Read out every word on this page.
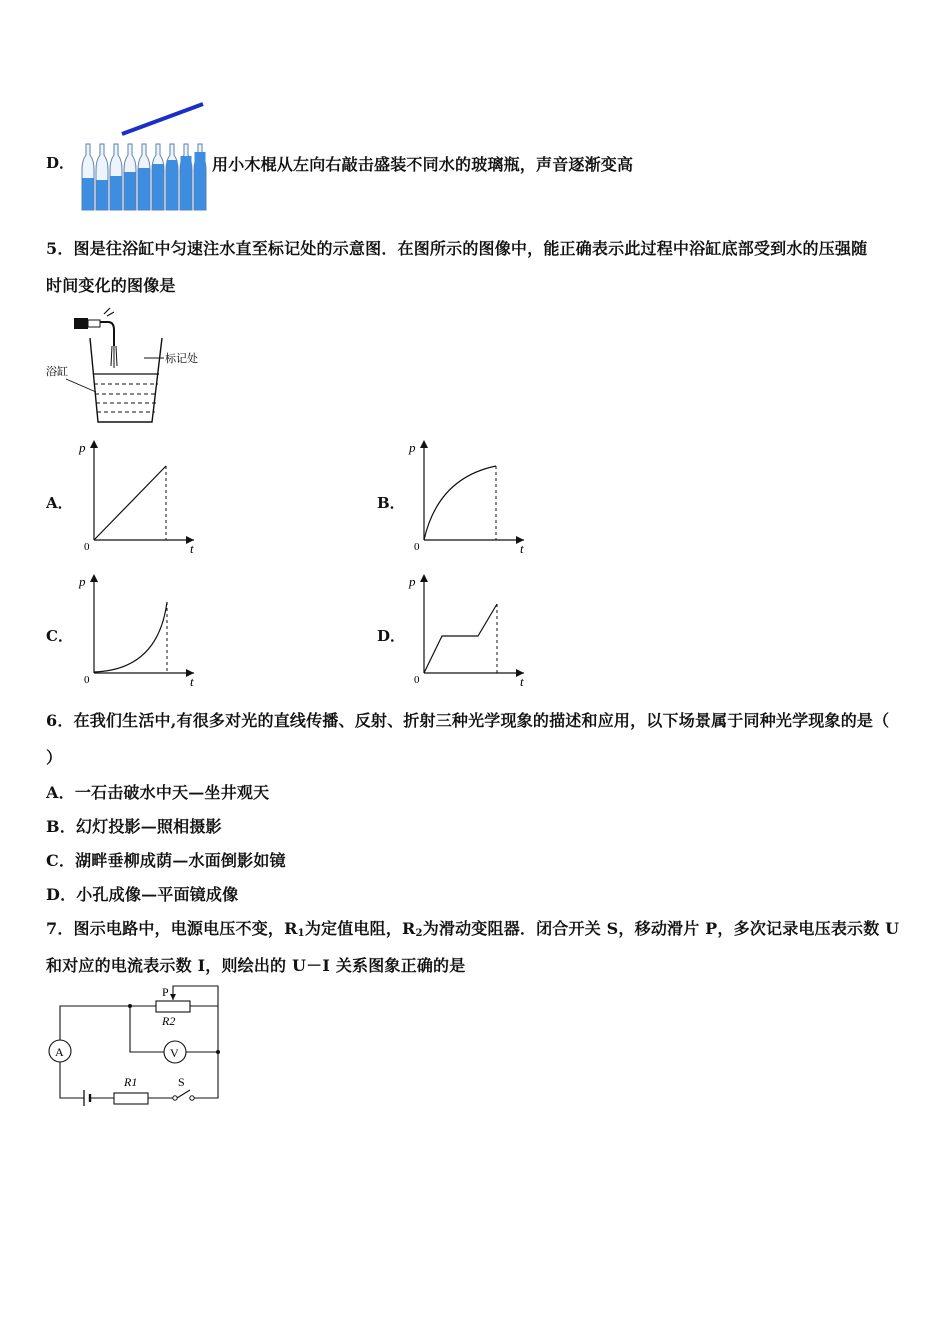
D．	用小木棍从左向右敲击盛装不同水的玻璃瓶，声音逐渐变高
5．图是往浴缸中匀速注水直至标记处的示意图．在图所示的图像中，能正确表示此过程中浴缸底部受到水的压强随
时间变化的图像是
标记处
浴缸
A．
p
t
0
B．
p
t
0
C．
p
t
0
D．
p
t
0
6．在我们生活中,有很多对光的直线传播、反射、折射三种光学现象的描述和应用，以下场景属于同种光学现象的是（
）
A．一石击破水中天—坐井观天
B．幻灯投影—照相摄影
C．湖畔垂柳成荫—水面倒影如镜
D．小孔成像—平面镜成像
7．图示电路中，电源电压不变，$R_1$为定值电阻，$R_2$为滑动变阻器．闭合开关 S，移动滑片 P，多次记录电压表示数 U
和对应的电流表示数 I，则绘出的 U－I 关系图象正确的是
P
R2
R1	S
A	V
